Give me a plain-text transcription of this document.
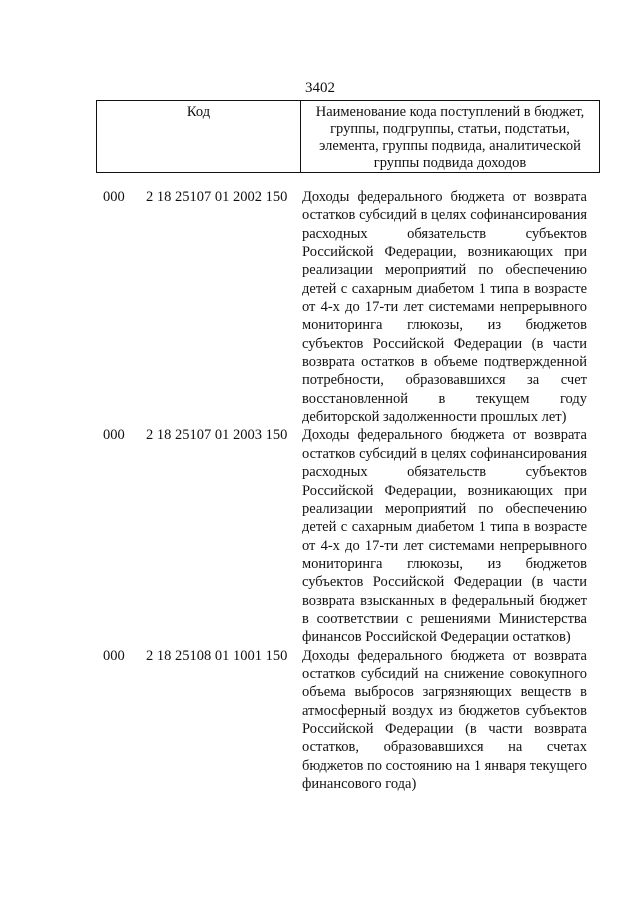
3402
Код	Наименование кода поступлений в бюджет,
группы, подгруппы, статьи, подстатьи,
элемента, группы подвида, аналитической
группы подвида доходов
000 2 18 25107 01 2002 150 Доходы федерального бюджета от возврата
остатков субсидий в целях софинансирования
расходных обязательств субъектов
Российской Федерации, возникающих при
реализации мероприятий по обеспечению
детей с сахарным диабетом 1 типа в возрасте
от 4-х до 17-ти лет системами непрерывного
мониторинга глюкозы, из бюджетов
субъектов Российской Федерации (в части
возврата остатков в объеме подтвержденной
потребности, образовавшихся за счет
восстановленной в текущем году
дебиторской задолженности прошлых лет)
000 2 18 25107 01 2003 150 Доходы федерального бюджета от возврата
остатков субсидий в целях софинансирования
расходных обязательств субъектов
Российской Федерации, возникающих при
реализации мероприятий по обеспечению
детей с сахарным диабетом 1 типа в возрасте
от 4-х до 17-ти лет системами непрерывного
мониторинга глюкозы, из бюджетов
субъектов Российской Федерации (в части
возврата взысканных в федеральный бюджет
в соответствии с решениями Министерства
финансов Российской Федерации остатков)
000 2 18 25108 01 1001 150 Доходы федерального бюджета от возврата
остатков субсидий на снижение совокупного
объема выбросов загрязняющих веществ в
атмосферный воздух из бюджетов субъектов
Российской Федерации (в части возврата
остатков, образовавшихся на счетах
бюджетов по состоянию на 1 января текущего
финансового года)
